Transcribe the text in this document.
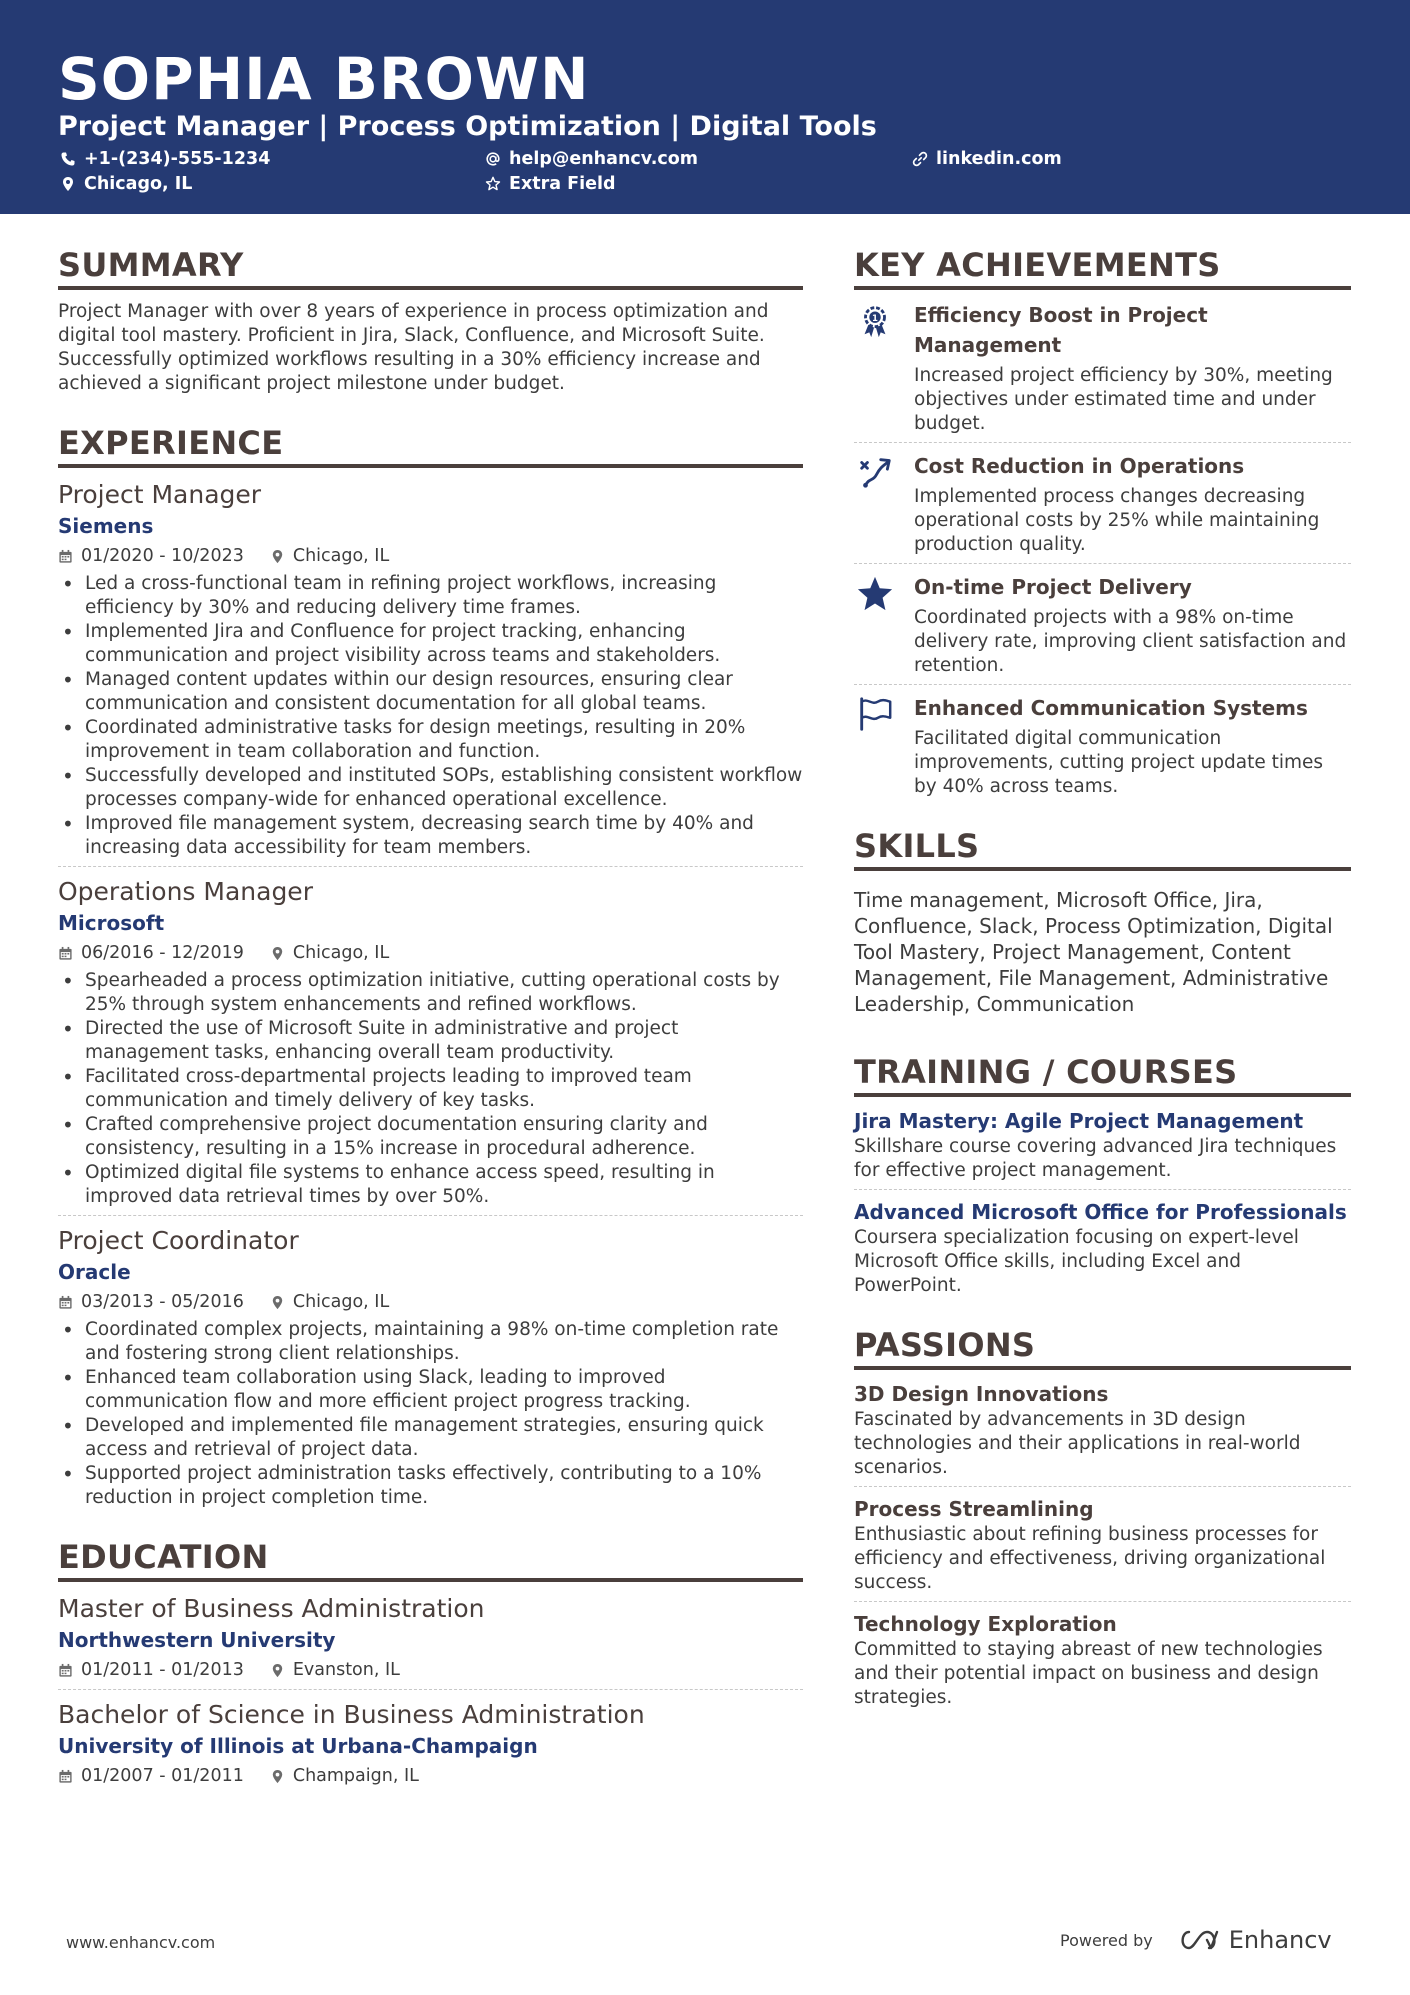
SOPHIA BROWN
Project Manager | Process Optimization | Digital Tools
+1-(234)-555-1234	help@enhancv.com	linkedin.com
Chicago, IL	Extra Field
SUMMARY
Project Manager with over 8 years of experience in process optimization and digital tool mastery. Proficient in Jira, Slack, Confluence, and Microsoft Suite. Successfully optimized workflows resulting in a 30% efficiency increase and achieved a significant project milestone under budget.
EXPERIENCE
Project Manager
Siemens
01/2020 - 10/2023	Chicago, IL
• Led a cross-functional team in refining project workflows, increasing efficiency by 30% and reducing delivery time frames.
• Implemented Jira and Confluence for project tracking, enhancing communication and project visibility across teams and stakeholders.
• Managed content updates within our design resources, ensuring clear communication and consistent documentation for all global teams.
• Coordinated administrative tasks for design meetings, resulting in 20% improvement in team collaboration and function.
• Successfully developed and instituted SOPs, establishing consistent workflow processes company-wide for enhanced operational excellence.
• Improved file management system, decreasing search time by 40% and increasing data accessibility for team members.
Operations Manager
Microsoft
06/2016 - 12/2019	Chicago, IL
• Spearheaded a process optimization initiative, cutting operational costs by 25% through system enhancements and refined workflows.
• Directed the use of Microsoft Suite in administrative and project management tasks, enhancing overall team productivity.
• Facilitated cross-departmental projects leading to improved team communication and timely delivery of key tasks.
• Crafted comprehensive project documentation ensuring clarity and consistency, resulting in a 15% increase in procedural adherence.
• Optimized digital file systems to enhance access speed, resulting in improved data retrieval times by over 50%.
Project Coordinator
Oracle
03/2013 - 05/2016	Chicago, IL
• Coordinated complex projects, maintaining a 98% on-time completion rate and fostering strong client relationships.
• Enhanced team collaboration using Slack, leading to improved communication flow and more efficient project progress tracking.
• Developed and implemented file management strategies, ensuring quick access and retrieval of project data.
• Supported project administration tasks effectively, contributing to a 10% reduction in project completion time.
EDUCATION
Master of Business Administration
Northwestern University
01/2011 - 01/2013	Evanston, IL
Bachelor of Science in Business Administration
University of Illinois at Urbana-Champaign
01/2007 - 01/2011	Champaign, IL
KEY ACHIEVEMENTS
1 Efficiency Boost in Project Management
Increased project efficiency by 30%, meeting objectives under estimated time and under budget.
Cost Reduction in Operations
Implemented process changes decreasing operational costs by 25% while maintaining production quality.
On-time Project Delivery
Coordinated projects with a 98% on-time delivery rate, improving client satisfaction and retention.
Enhanced Communication Systems
Facilitated digital communication improvements, cutting project update times by 40% across teams.
SKILLS
Time management, Microsoft Office, Jira, Confluence, Slack, Process Optimization, Digital Tool Mastery, Project Management, Content Management, File Management, Administrative Leadership, Communication
TRAINING / COURSES
Jira Mastery: Agile Project Management
Skillshare course covering advanced Jira techniques for effective project management.
Advanced Microsoft Office for Professionals
Coursera specialization focusing on expert-level Microsoft Office skills, including Excel and PowerPoint.
PASSIONS
3D Design Innovations
Fascinated by advancements in 3D design technologies and their applications in real-world scenarios.
Process Streamlining
Enthusiastic about refining business processes for efficiency and effectiveness, driving organizational success.
Technology Exploration
Committed to staying abreast of new technologies and their potential impact on business and design strategies.
www.enhancv.com	Powered by	Enhancv
